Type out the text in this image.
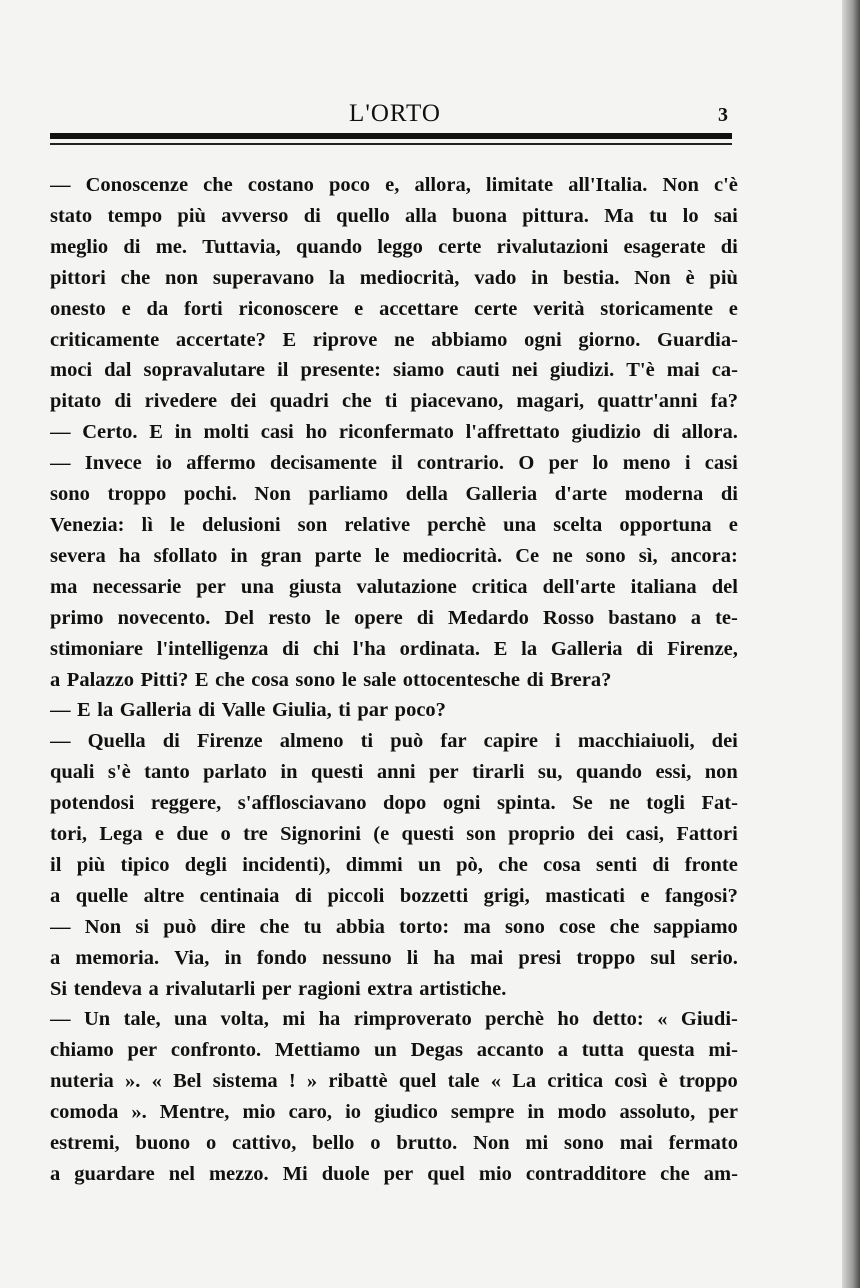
L'ORTO	3
— Conoscenze che costano poco e, allora, limitate all'Italia. Non c'è
stato tempo più avverso di quello alla buona pittura. Ma tu lo sai
meglio di me. Tuttavia, quando leggo certe rivalutazioni esagerate di
pittori che non superavano la mediocrità, vado in bestia. Non è più
onesto e da forti riconoscere e accettare certe verità storicamente e
criticamente accertate? E riprove ne abbiamo ogni giorno. Guardia-
moci dal sopravalutare il presente: siamo cauti nei giudizi. T'è mai ca-
pitato di rivedere dei quadri che ti piacevano, magari, quattr'anni fa?
— Certo. E in molti casi ho riconfermato l'affrettato giudizio di allora.
— Invece io affermo decisamente il contrario. O per lo meno i casi
sono troppo pochi. Non parliamo della Galleria d'arte moderna di
Venezia: lì le delusioni son relative perchè una scelta opportuna e
severa ha sfollato in gran parte le mediocrità. Ce ne sono sì, ancora:
ma necessarie per una giusta valutazione critica dell'arte italiana del
primo novecento. Del resto le opere di Medardo Rosso bastano a te-
stimoniare l'intelligenza di chi l'ha ordinata. E la Galleria di Firenze,
a Palazzo Pitti? E che cosa sono le sale ottocentesche di Brera?
— E la Galleria di Valle Giulia, ti par poco?
— Quella di Firenze almeno ti può far capire i macchiaiuoli, dei
quali s'è tanto parlato in questi anni per tirarli su, quando essi, non
potendosi reggere, s'afflosciavano dopo ogni spinta. Se ne togli Fat-
tori, Lega e due o tre Signorini (e questi son proprio dei casi, Fattori
il più tipico degli incidenti), dimmi un pò, che cosa senti di fronte
a quelle altre centinaia di piccoli bozzetti grigi, masticati e fangosi?
— Non si può dire che tu abbia torto: ma sono cose che sappiamo
a memoria. Via, in fondo nessuno li ha mai presi troppo sul serio.
Si tendeva a rivalutarli per ragioni extra artistiche.
— Un tale, una volta, mi ha rimproverato perchè ho detto: « Giudi-
chiamo per confronto. Mettiamo un Degas accanto a tutta questa mi-
nuteria ». « Bel sistema ! » ribattè quel tale « La critica così è troppo
comoda ». Mentre, mio caro, io giudico sempre in modo assoluto, per
estremi, buono o cattivo, bello o brutto. Non mi sono mai fermato
a guardare nel mezzo. Mi duole per quel mio contradditore che am-
